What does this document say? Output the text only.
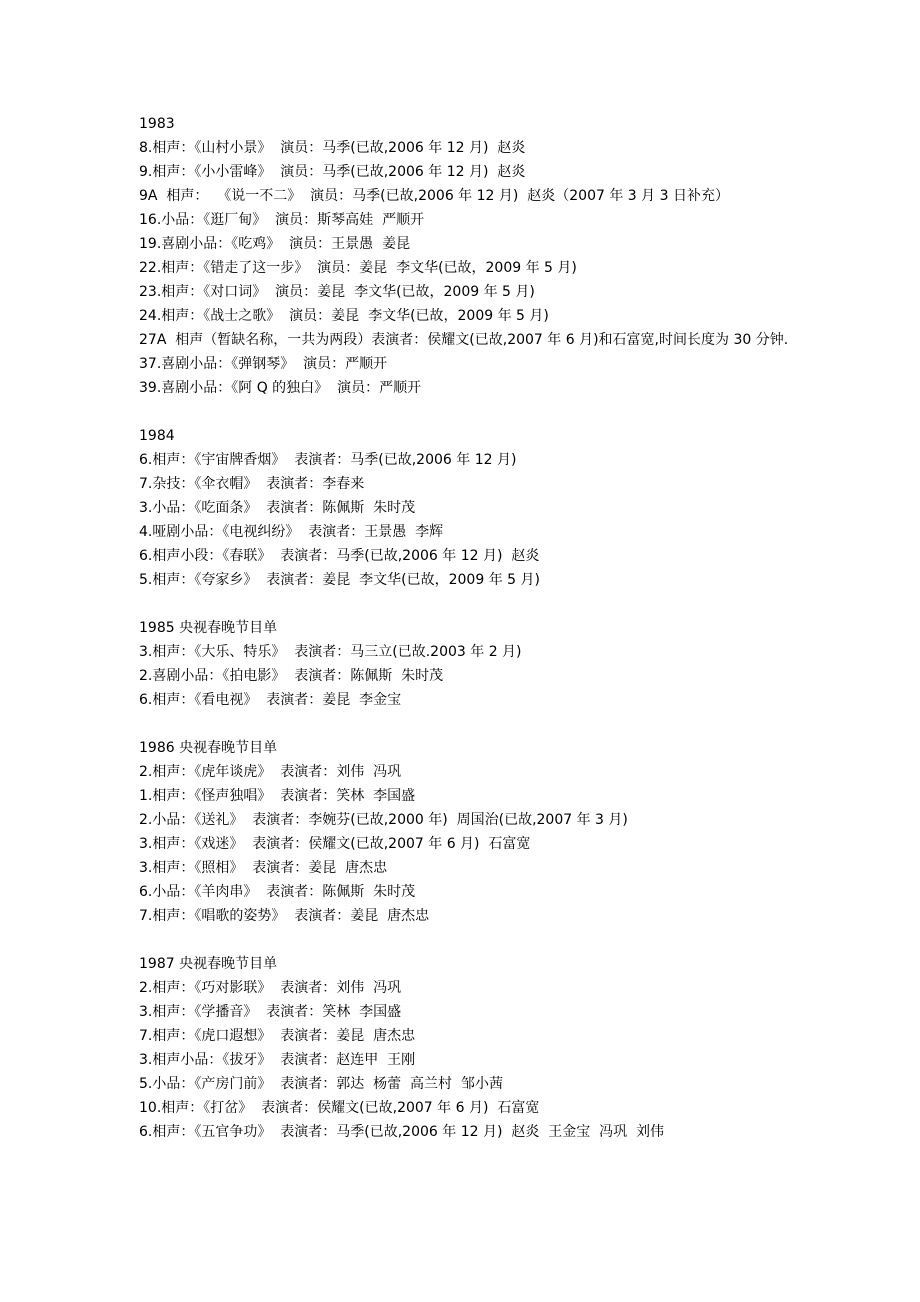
1983

8.相声：《山村小景》  演员：马季(已故,2006 年 12 月)  赵炎

9.相声：《小小雷峰》  演员：马季(已故,2006 年 12 月)  赵炎

9A  相声：  《说一不二》  演员：马季(已故,2006 年 12 月)  赵炎（2007 年 3 月 3 日补充）

16.小品：《逛厂甸》  演员：斯琴高娃  严顺开

19.喜剧小品：《吃鸡》  演员：王景愚  姜昆

22.相声：《错走了这一步》  演员：姜昆  李文华(已故，2009 年 5 月)

23.相声：《对口词》  演员：姜昆  李文华(已故，2009 年 5 月)

24.相声：《战士之歌》  演员：姜昆  李文华(已故，2009 年 5 月)

27A  相声（暂缺名称，一共为两段）表演者：侯耀文(已故,2007 年 6 月)和石富宽,时间长度为 30 分钟.

37.喜剧小品：《弹钢琴》  演员：严顺开

39.喜剧小品：《阿 Q 的独白》  演员：严顺开

1984

6.相声：《宇宙牌香烟》  表演者：马季(已故,2006 年 12 月)

7.杂技：《伞衣帽》  表演者：李春来

3.小品：《吃面条》  表演者：陈佩斯  朱时茂

4.哑剧小品：《电视纠纷》  表演者：王景愚  李辉

6.相声小段：《春联》  表演者：马季(已故,2006 年 12 月)  赵炎

5.相声：《夸家乡》  表演者：姜昆  李文华(已故，2009 年 5 月)

1985 央视春晚节目单

3.相声：《大乐、特乐》  表演者：马三立(已故.2003 年 2 月)

2.喜剧小品：《拍电影》  表演者：陈佩斯  朱时茂

6.相声：《看电视》  表演者：姜昆  李金宝

1986 央视春晚节目单

2.相声：《虎年谈虎》  表演者：刘伟  冯巩

1.相声：《怪声独唱》  表演者：笑林  李国盛

2.小品：《送礼》  表演者：李婉芬(已故,2000 年)  周国治(已故,2007 年 3 月)

3.相声：《戏迷》  表演者：侯耀文(已故,2007 年 6 月)  石富宽

3.相声：《照相》  表演者：姜昆  唐杰忠

6.小品：《羊肉串》  表演者：陈佩斯  朱时茂

7.相声：《唱歌的姿势》  表演者：姜昆  唐杰忠

1987 央视春晚节目单

2.相声：《巧对影联》  表演者：刘伟  冯巩

3.相声：《学播音》  表演者：笑林  李国盛

7.相声：《虎口遐想》  表演者：姜昆  唐杰忠

3.相声小品：《拔牙》  表演者：赵连甲  王刚

5.小品：《产房门前》  表演者：郭达  杨蕾  高兰村  邹小茜

10.相声：《打岔》  表演者：侯耀文(已故,2007 年 6 月)  石富宽

6.相声：《五官争功》  表演者：马季(已故,2006 年 12 月)  赵炎  王金宝  冯巩  刘伟
